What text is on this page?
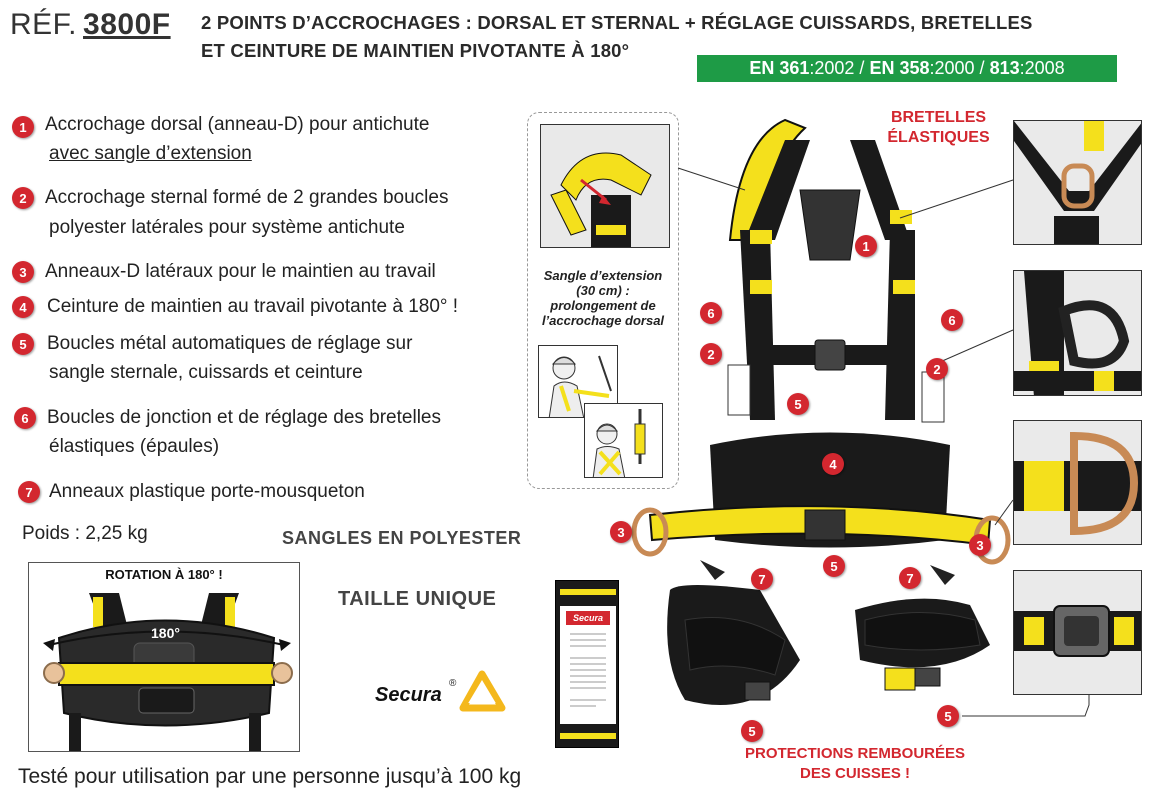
RÉF. 3800F 2 POINTS D’ACCROCHAGES : DORSAL ET STERNAL + RÉGLAGE CUISSARDS, BRETELLES
ET CEINTURE DE MAINTIEN PIVOTANTE À 180°
EN 361 :2002 /
EN 358 :2000 /
813 :2008
1 Accrochage dorsal (anneau-D) pour antichute
avec sangle d’extension
2 Accrochage sternal formé de 2 grandes boucles
polyester latérales pour système antichute
3 Anneaux-D latéraux pour le maintien au travail
4	Ceinture de maintien au travail pivotante à 180° !
5	Boucles métal automatiques de réglage sur
sangle sternale, cuissards et ceinture
6 Boucles de jonction et de réglage des bretelles
élastiques (épaules)
7 Anneaux plastique porte-mousqueton
Poids : 2,25 kg	SANGLES EN POLYESTER
TAILLE UNIQUE
ROTATION À 180° !
180°
Sangle d’extension
(30 cm) :
prolongement de
l’accrochage dorsal
Secura
®
Secura
BRETELLES
ÉLASTIQUES
PROTECTIONS REMBOURÉES
DES CUISSES !
1
6	6
2
2
5
4
3
3
5
7	7
5
5
Testé pour utilisation par une personne jusqu’à 100 kg
